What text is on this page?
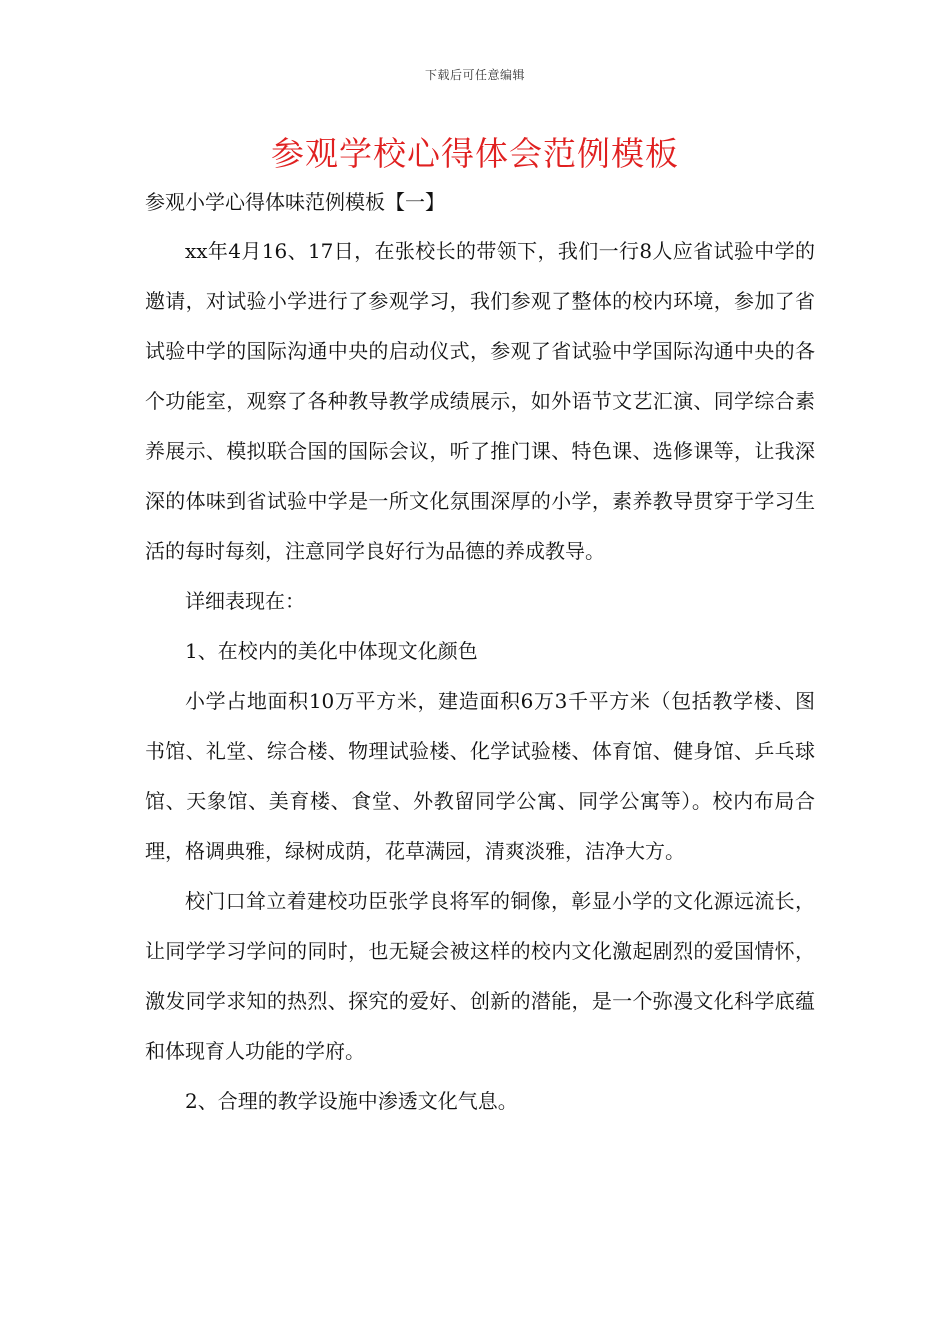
下载后可任意编辑
参观学校心得体会范例模板
参观小学心得体味范例模板【一】

xx年4月16、17日，在张校长的带领下，我们一行8人应省试验中学的邀请，对试验小学进行了参观学习，我们参观了整体的校内环境，参加了省试验中学的国际沟通中央的启动仪式，参观了省试验中学国际沟通中央的各个功能室，观察了各种教导教学成绩展示，如外语节文艺汇演、同学综合素养展示、模拟联合国的国际会议，听了推门课、特色课、选修课等，让我深深的体味到省试验中学是一所文化氛围深厚的小学，素养教导贯穿于学习生活的每时每刻，注意同学良好行为品德的养成教导。

详细表现在：

1、在校内的美化中体现文化颜色

小学占地面积10万平方米，建造面积6万3千平方米（包括教学楼、图书馆、礼堂、综合楼、物理试验楼、化学试验楼、体育馆、健身馆、乒乓球馆、天象馆、美育楼、食堂、外教留同学公寓、同学公寓等）。校内布局合理，格调典雅，绿树成荫，花草满园，清爽淡雅，洁净大方。

校门口耸立着建校功臣张学良将军的铜像，彰显小学的文化源远流长，让同学学习学问的同时，也无疑会被这样的校内文化激起剧烈的爱国情怀，激发同学求知的热烈、探究的爱好、创新的潜能，是一个弥漫文化科学底蕴和体现育人功能的学府。

2、合理的教学设施中渗透文化气息。
